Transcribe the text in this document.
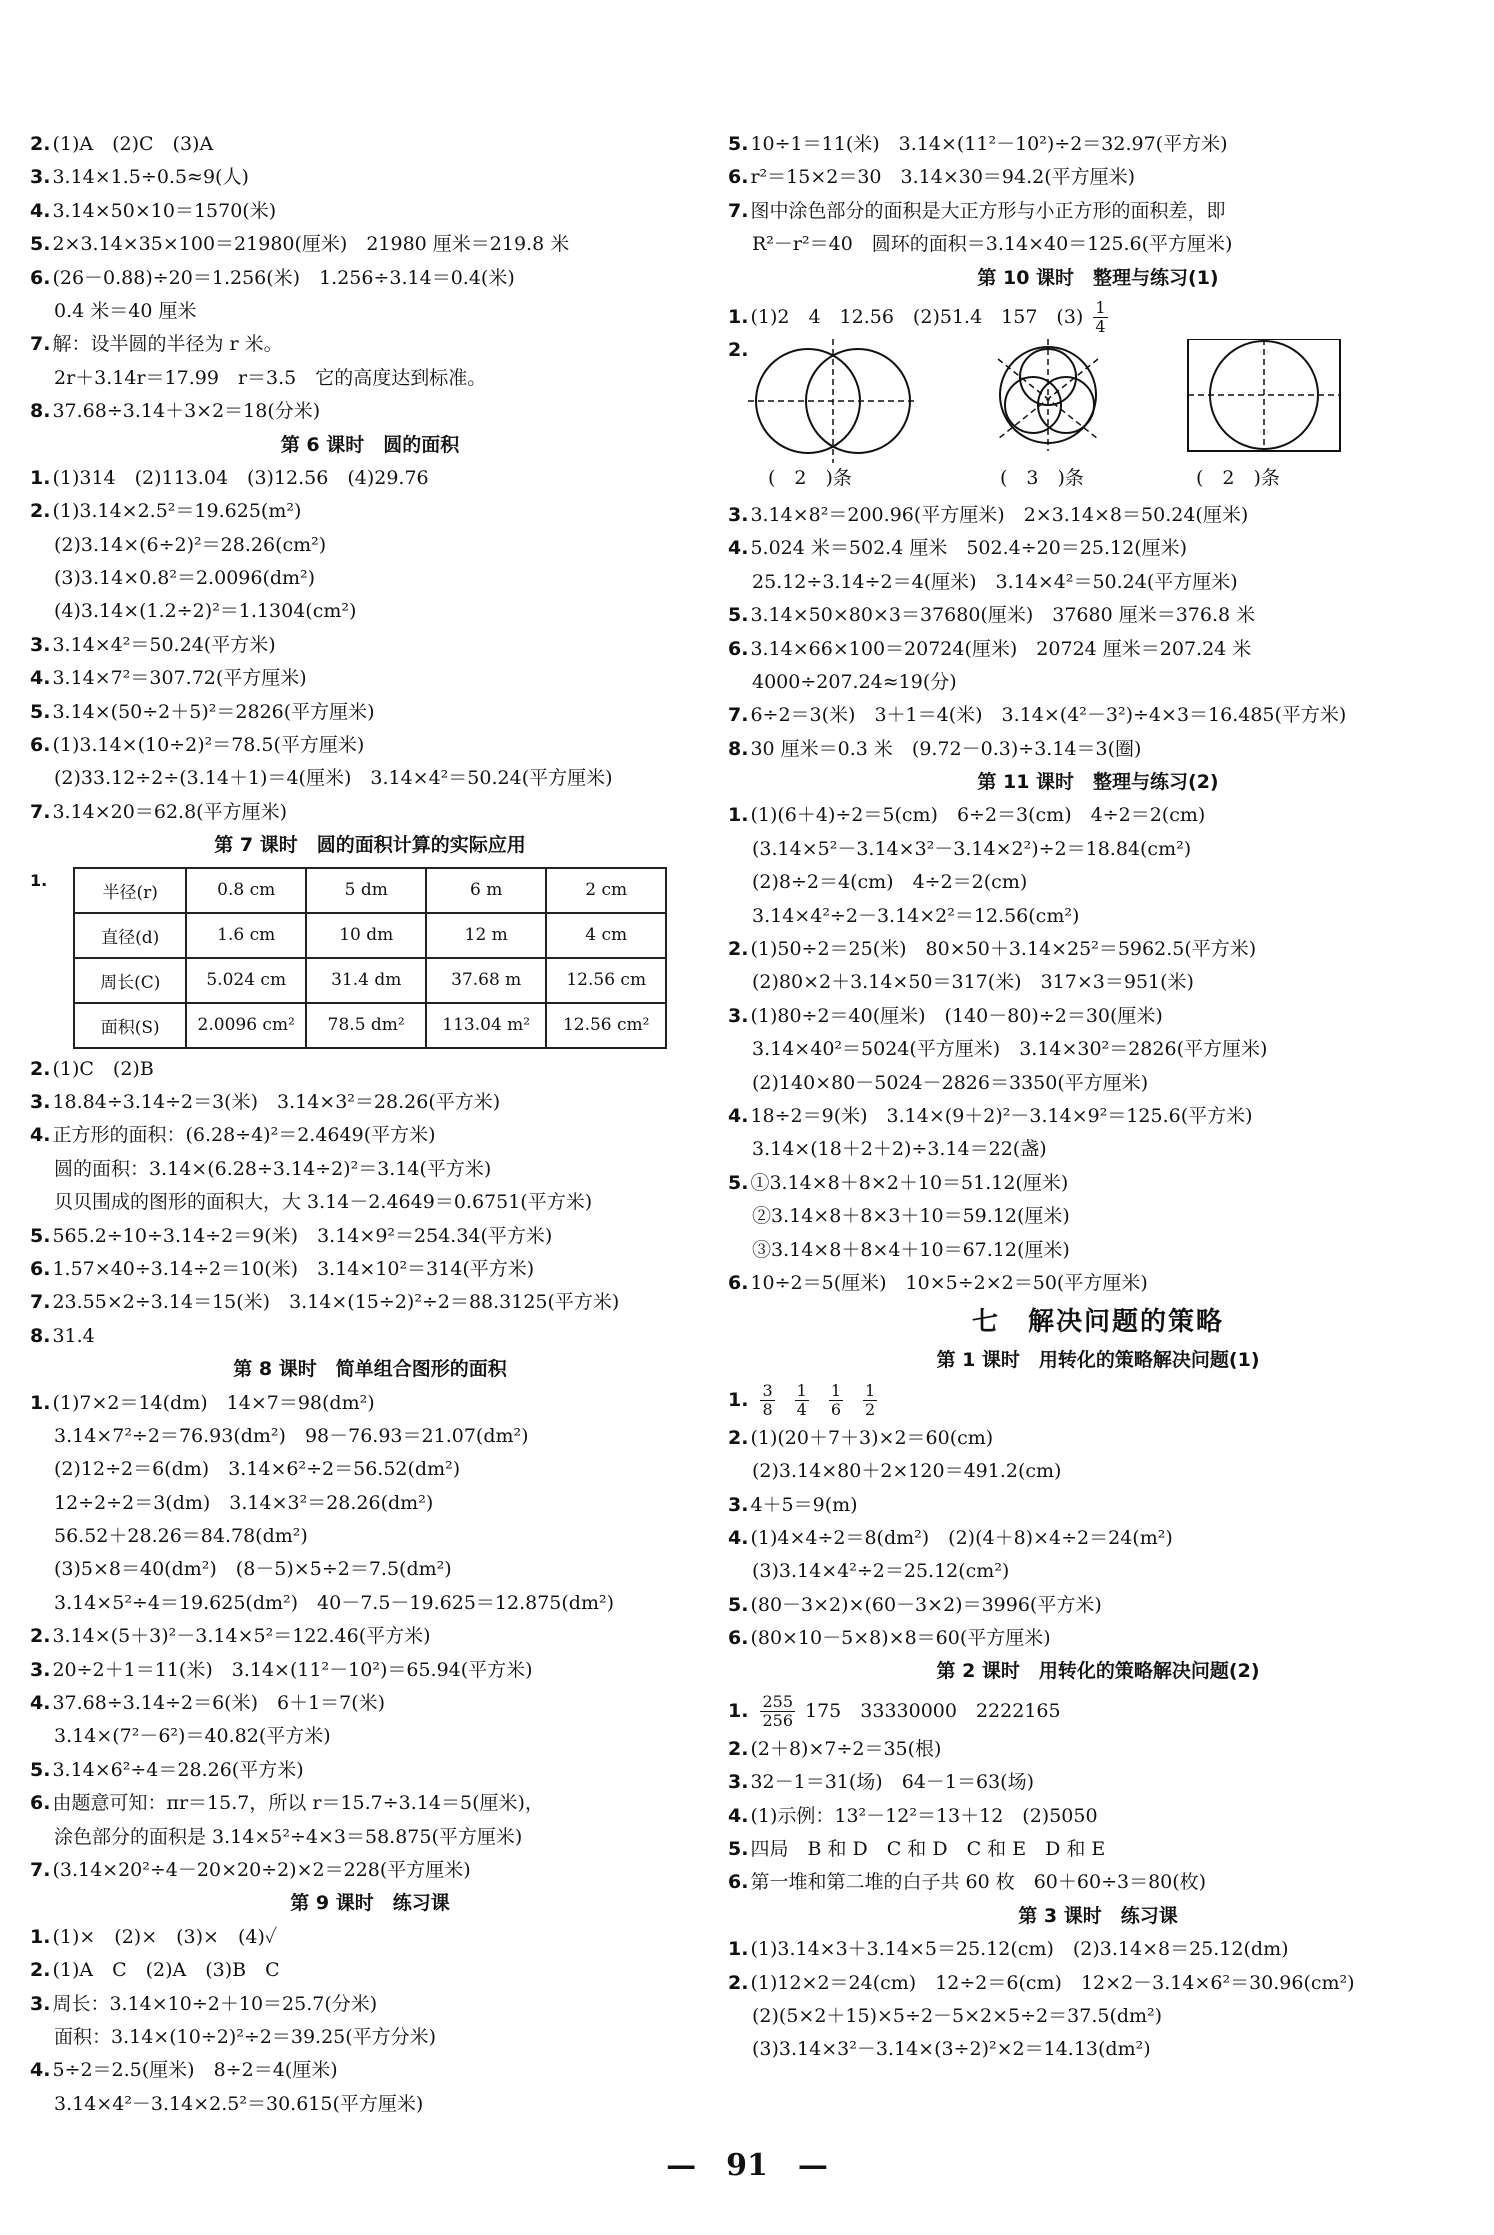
2. (1)A　(2)C　(3)A
3. 3.14×1.5÷0.5≈9(人)
4. 3.14×50×10＝1570(米)
5. 2×3.14×35×100＝21980(厘米)　21980 厘米＝219.8 米
6. (26－0.88)÷20＝1.256(米)　1.256÷3.14＝0.4(米)
0.4 米＝40 厘米
7. 解：设半圆的半径为 r 米。
2r＋3.14r＝17.99　r＝3.5　它的高度达到标准。
8. 37.68÷3.14＋3×2＝18(分米)
第 6 课时　圆的面积
1. (1)314　(2)113.04　(3)12.56　(4)29.76
2. (1)3.14×2.5²＝19.625(m²)
(2)3.14×(6÷2)²＝28.26(cm²)
(3)3.14×0.8²＝2.0096(dm²)
(4)3.14×(1.2÷2)²＝1.1304(cm²)
3. 3.14×4²＝50.24(平方米)
4. 3.14×7²＝307.72(平方厘米)
5. 3.14×(50÷2＋5)²＝2826(平方厘米)
6. (1)3.14×(10÷2)²＝78.5(平方厘米)
(2)33.12÷2÷(3.14＋1)＝4(厘米)　3.14×4²＝50.24(平方厘米)
7. 3.14×20＝62.8(平方厘米)
第 7 课时　圆的面积计算的实际应用
1.
半径(r)	0.8 cm	5 dm	6 m	2 cm
直径(d)	1.6 cm	10 dm	12 m	4 cm
周长(C)	5.024 cm	31.4 dm	37.68 m	12.56 cm
面积(S)	2.0096 cm²	78.5 dm²	113.04 m²	12.56 cm²
2. (1)C　(2)B
3. 18.84÷3.14÷2＝3(米)　3.14×3²＝28.26(平方米)
4. 正方形的面积：(6.28÷4)²＝2.4649(平方米)
圆的面积：3.14×(6.28÷3.14÷2)²＝3.14(平方米)
贝贝围成的图形的面积大，大 3.14－2.4649＝0.6751(平方米)
5. 565.2÷10÷3.14÷2＝9(米)　3.14×9²＝254.34(平方米)
6. 1.57×40÷3.14÷2＝10(米)　3.14×10²＝314(平方米)
7. 23.55×2÷3.14＝15(米)　3.14×(15÷2)²÷2＝88.3125(平方米)
8. 31.4
第 8 课时　简单组合图形的面积
1. (1)7×2＝14(dm)　14×7＝98(dm²)
3.14×7²÷2＝76.93(dm²)　98－76.93＝21.07(dm²)
(2)12÷2＝6(dm)　3.14×6²÷2＝56.52(dm²)
12÷2÷2＝3(dm)　3.14×3²＝28.26(dm²)
56.52＋28.26＝84.78(dm²)
(3)5×8＝40(dm²)　(8－5)×5÷2＝7.5(dm²)
3.14×5²÷4＝19.625(dm²)　40－7.5－19.625＝12.875(dm²)
2. 3.14×(5＋3)²－3.14×5²＝122.46(平方米)
3. 20÷2＋1＝11(米)　3.14×(11²－10²)＝65.94(平方米)
4. 37.68÷3.14÷2＝6(米)　6＋1＝7(米)
3.14×(7²－6²)＝40.82(平方米)
5. 3.14×6²÷4＝28.26(平方米)
6. 由题意可知：πr＝15.7，所以 r＝15.7÷3.14＝5(厘米)，
涂色部分的面积是 3.14×5²÷4×3＝58.875(平方厘米)
7. (3.14×20²÷4－20×20÷2)×2＝228(平方厘米)
第 9 课时　练习课
1. (1)×　(2)×　(3)×　(4)✓
2. (1)A　C　(2)A　(3)B　C
3. 周长：3.14×10÷2＋10＝25.7(分米)
面积：3.14×(10÷2)²÷2＝39.25(平方分米)
4. 5÷2＝2.5(厘米)　8÷2＝4(厘米)
3.14×4²－3.14×2.5²＝30.615(平方厘米)
5. 10÷1＝11(米)　3.14×(11²－10²)÷2＝32.97(平方米)
6. r²＝15×2＝30　3.14×30＝94.2(平方厘米)
7. 图中涂色部分的面积是大正方形与小正方形的面积差，即
R²－r²＝40　圆环的面积＝3.14×40＝125.6(平方厘米)
第 10 课时　整理与练习(1)
1. (1)2　4　12.56　(2)51.4　157　$(3) \frac{1}{4}$
2.
(　2　)条	(　3　)条	(　2　)条
3. 3.14×8²＝200.96(平方厘米)　2×3.14×8＝50.24(厘米)
4. 5.024 米＝502.4 厘米　502.4÷20＝25.12(厘米)
25.12÷3.14÷2＝4(厘米)　3.14×4²＝50.24(平方厘米)
5. 3.14×50×80×3＝37680(厘米)　37680 厘米＝376.8 米
6. 3.14×66×100＝20724(厘米)　20724 厘米＝207.24 米
4000÷207.24≈19(分)
7. 6÷2＝3(米)　3＋1＝4(米)　3.14×(4²－3²)÷4×3＝16.485(平方米)
8. 30 厘米＝0.3 米　(9.72－0.3)÷3.14＝3(圈)
第 11 课时　整理与练习(2)
1. (1)(6＋4)÷2＝5(cm)　6÷2＝3(cm)　4÷2＝2(cm)
(3.14×5²－3.14×3²－3.14×2²)÷2＝18.84(cm²)
(2)8÷2＝4(cm)　4÷2＝2(cm)
3.14×4²÷2－3.14×2²＝12.56(cm²)
2. (1)50÷2＝25(米)　80×50＋3.14×25²＝5962.5(平方米)
(2)80×2＋3.14×50＝317(米)　317×3＝951(米)
3. (1)80÷2＝40(厘米)　(140－80)÷2＝30(厘米)
3.14×40²＝5024(平方厘米)　3.14×30²＝2826(平方厘米)
(2)140×80－5024－2826＝3350(平方厘米)
4. 18÷2＝9(米)　3.14×(9＋2)²－3.14×9²＝125.6(平方米)
3.14×(18＋2＋2)÷3.14＝22(盏)
5. ①3.14×8＋8×2＋10＝51.12(厘米)
②3.14×8＋8×3＋10＝59.12(厘米)
③3.14×8＋8×4＋10＝67.12(厘米)
6. 10÷2＝5(厘米)　10×5÷2×2＝50(平方厘米)
七　解决问题的策略
第 1 课时　用转化的策略解决问题(1)
1. $\frac{3}{8} \frac{1}{4} \frac{1}{6} \frac{1}{2}$
2. (1)(20＋7＋3)×2＝60(cm)
(2)3.14×80＋2×120＝491.2(cm)
3. 4＋5＝9(m)
4. (1)4×4÷2＝8(dm²)　(2)(4＋8)×4÷2＝24(m²)
(3)3.14×4²÷2＝25.12(cm²)
5. (80－3×2)×(60－3×2)＝3996(平方米)
6. (80×10－5×8)×8＝60(平方厘米)
第 2 课时　用转化的策略解决问题(2)
1. $\frac{255}{256} 175$　33330000　2222165
2. (2＋8)×7÷2＝35(根)
3. 32－1＝31(场)　64－1＝63(场)
4. (1)示例：13²－12²＝13＋12　(2)5050
5. 四局　B 和 D　C 和 D　C 和 E　D 和 E
6. 第一堆和第二堆的白子共 60 枚　60＋60÷3＝80(枚)
第 3 课时　练习课
1. (1)3.14×3＋3.14×5＝25.12(cm)　(2)3.14×8＝25.12(dm)
2. (1)12×2＝24(cm)　12÷2＝6(cm)　12×2－3.14×6²＝30.96(cm²)
(2)(5×2＋15)×5÷2－5×2×5÷2＝37.5(dm²)
(3)3.14×3²－3.14×(3÷2)²×2＝14.13(dm²)
—　91　—
